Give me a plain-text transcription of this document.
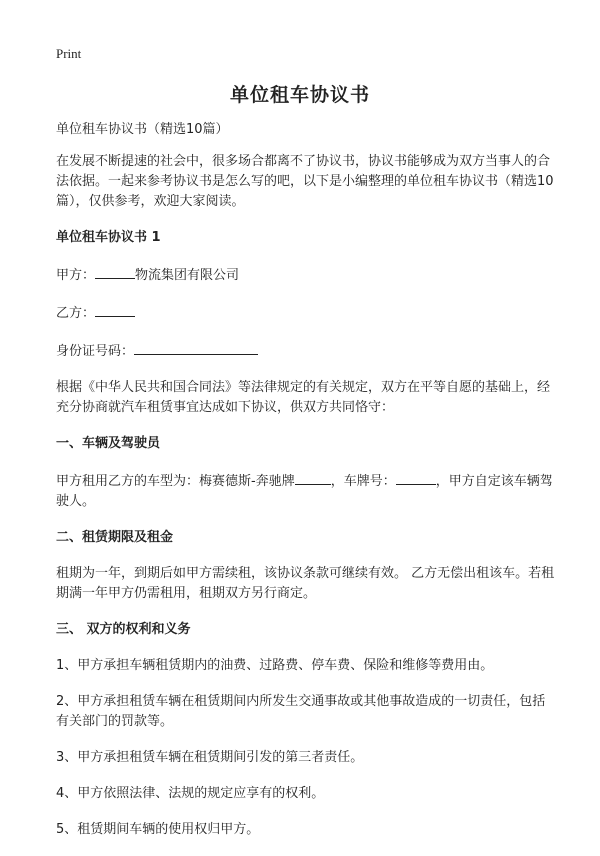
Print
单位租车协议书

单位租车协议书（精选10篇）

在发展不断提速的社会中，很多场合都离不了协议书，协议书能够成为双方当事人的合法依据。一起来参考协议书是怎么写的吧，以下是小编整理的单位租车协议书（精选10篇），仅供参考，欢迎大家阅读。

单位租车协议书 1

甲方：	物流集团有限公司

乙方：

身份证号码：

根据《中华人民共和国合同法》等法律规定的有关规定，双方在平等自愿的基础上，经充分协商就汽车租赁事宜达成如下协议，供双方共同恪守：

一、车辆及驾驶员

甲方租用乙方的车型为：梅赛德斯-奔驰牌	，车牌号：	，甲方自定该车辆驾驶人。

二、租赁期限及租金

租期为一年，到期后如甲方需续租，该协议条款可继续有效。 乙方无偿出租该车。若租期满一年甲方仍需租用，租期双方另行商定。

三、 双方的权利和义务

1、甲方承担车辆租赁期内的油费、过路费、停车费、保险和维修等费用由。

2、甲方承担租赁车辆在租赁期间内所发生交通事故或其他事故造成的一切责任，包括有关部门的罚款等。

3、甲方承担租赁车辆在租赁期间引发的第三者责任。

4、甲方依照法律、法规的规定应享有的权利。

5、租赁期间车辆的使用权归甲方。
